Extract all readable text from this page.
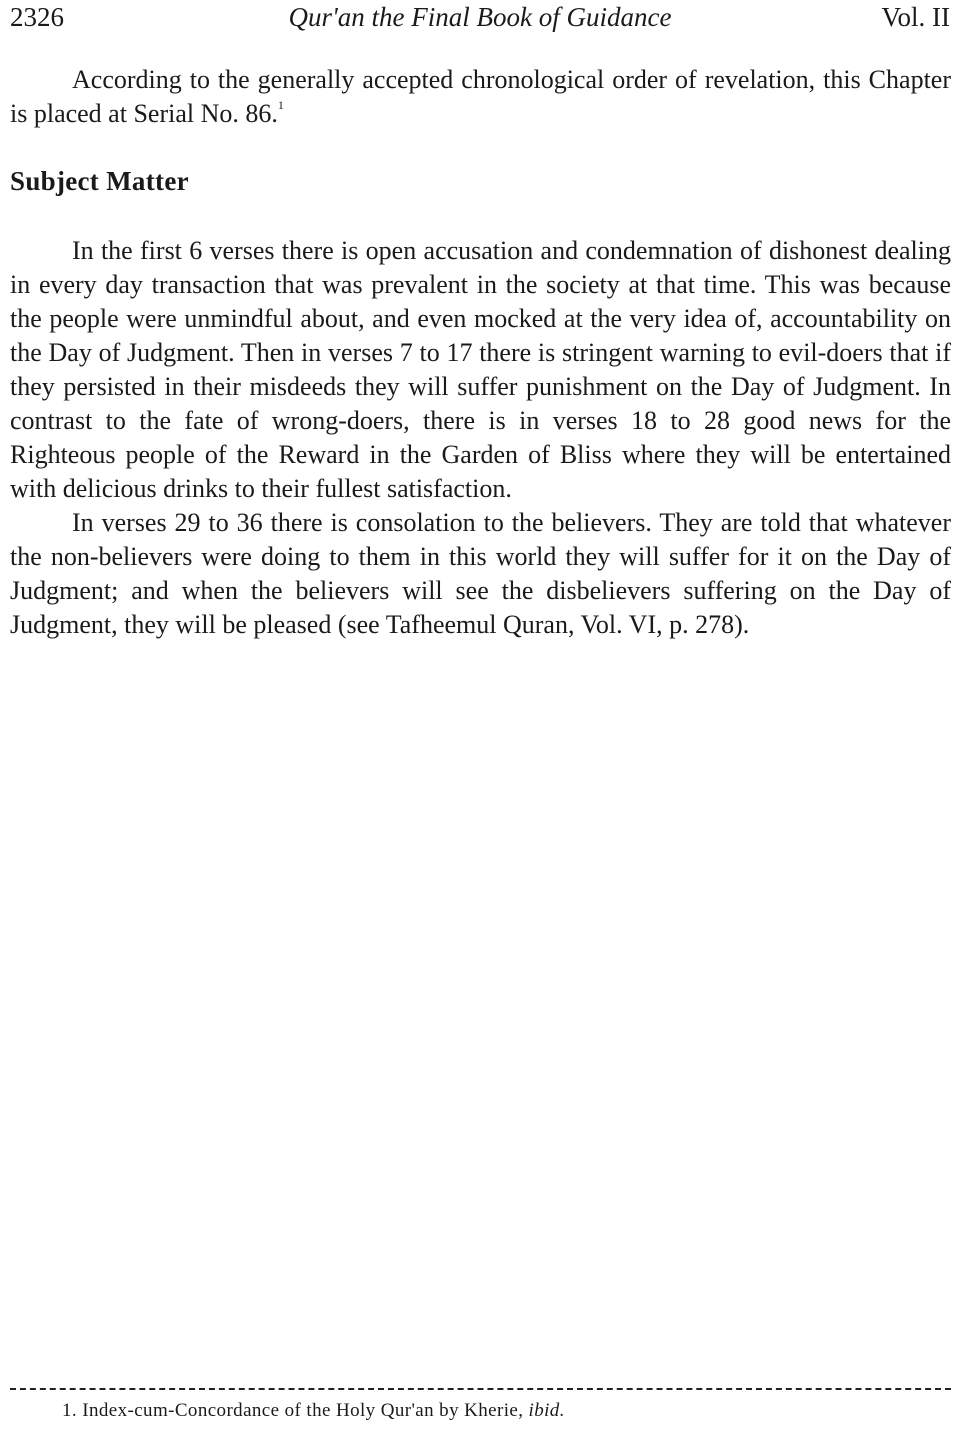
Qur'an the Final Book of Guidance
2326	Vol. II

According to the generally accepted chronological order of revelation, this Chapter is placed at Serial No. 86.$^1$

Subject Matter

In the first 6 verses there is open accusation and condemnation of dishonest dealing in every day transaction that was prevalent in the society at that time. This was because the people were unmindful about, and even mocked at the very idea of, accountability on the Day of Judgment. Then in verses 7 to 17 there is stringent warning to evil-doers that if they persisted in their misdeeds they will suffer punishment on the Day of Judgment. In contrast to the fate of wrong-doers, there is in verses 18 to 28 good news for the Righteous people of the Reward in the Garden of Bliss where they will be entertained with delicious drinks to their fullest satisfaction.

In verses 29 to 36 there is consolation to the believers. They are told that whatever the non-believers were doing to them in this world they will suffer for it on the Day of Judgment; and when the believers will see the disbelievers suffering on the Day of Judgment, they will be pleased (see Tafheemul Quran, Vol. VI, p. 278).

1. Index-cum-Concordance of the Holy Qur'an by Kherie, ibid.
